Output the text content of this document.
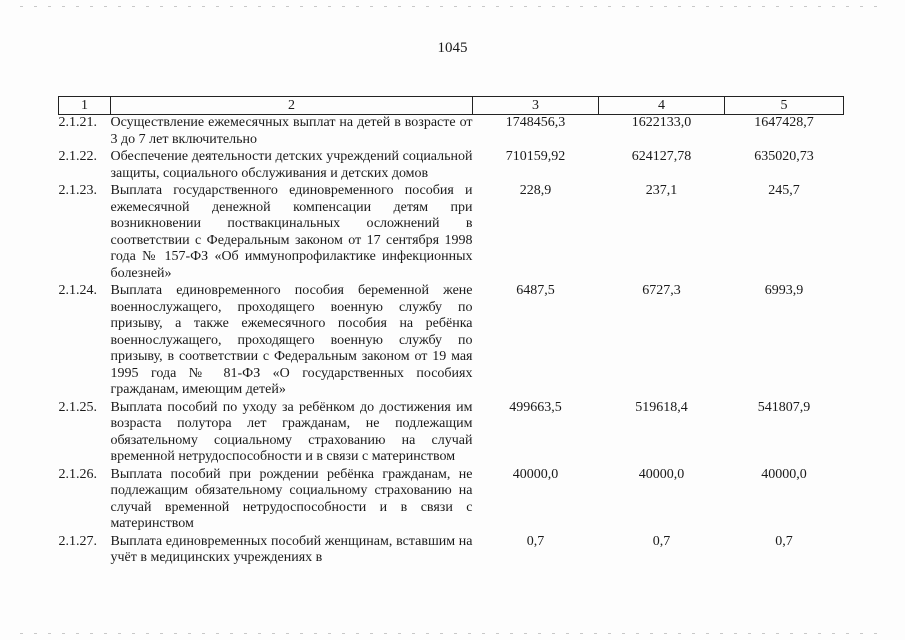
1045
1	2	3	4	5
2.1.21.	Осуществление ежемесячных выплат на детей в возрасте от 3 до 7 лет включительно	1748456,3	1622133,0	1647428,7
2.1.22.	Обеспечение деятельности детских учреждений социальной защиты, социального обслуживания и детских домов	710159,92	624127,78	635020,73
2.1.23.	Выплата государственного единовременного пособия и ежемесячной денежной компенсации детям при возникновении поствакцинальных осложнений в соответствии с Федеральным законом от 17 сентября 1998 года № 157-ФЗ «Об иммунопрофилактике инфекционных болезней»	228,9	237,1	245,7
2.1.24.	Выплата единовременного пособия беременной жене военнослужащего, проходящего военную службу по призыву, а также ежемесячного пособия на ребёнка военнослужащего, проходящего военную службу по призыву, в соответствии с Федеральным законом от 19 мая 1995 года № 81-ФЗ «О государственных пособиях гражданам, имеющим детей»	6487,5	6727,3	6993,9
2.1.25.	Выплата пособий по уходу за ребёнком до достижения им возраста полутора лет гражданам, не подлежащим обязательному социальному страхованию на случай временной нетрудоспособности и в связи с материнством	499663,5	519618,4	541807,9
2.1.26.	Выплата пособий при рождении ребёнка гражданам, не подлежащим обязательному социальному страхованию на случай временной нетрудоспособности и в связи с материнством	40000,0	40000,0	40000,0
2.1.27.	Выплата единовременных пособий женщинам, вставшим на учёт в медицинских учреждениях в	0,7	0,7	0,7
